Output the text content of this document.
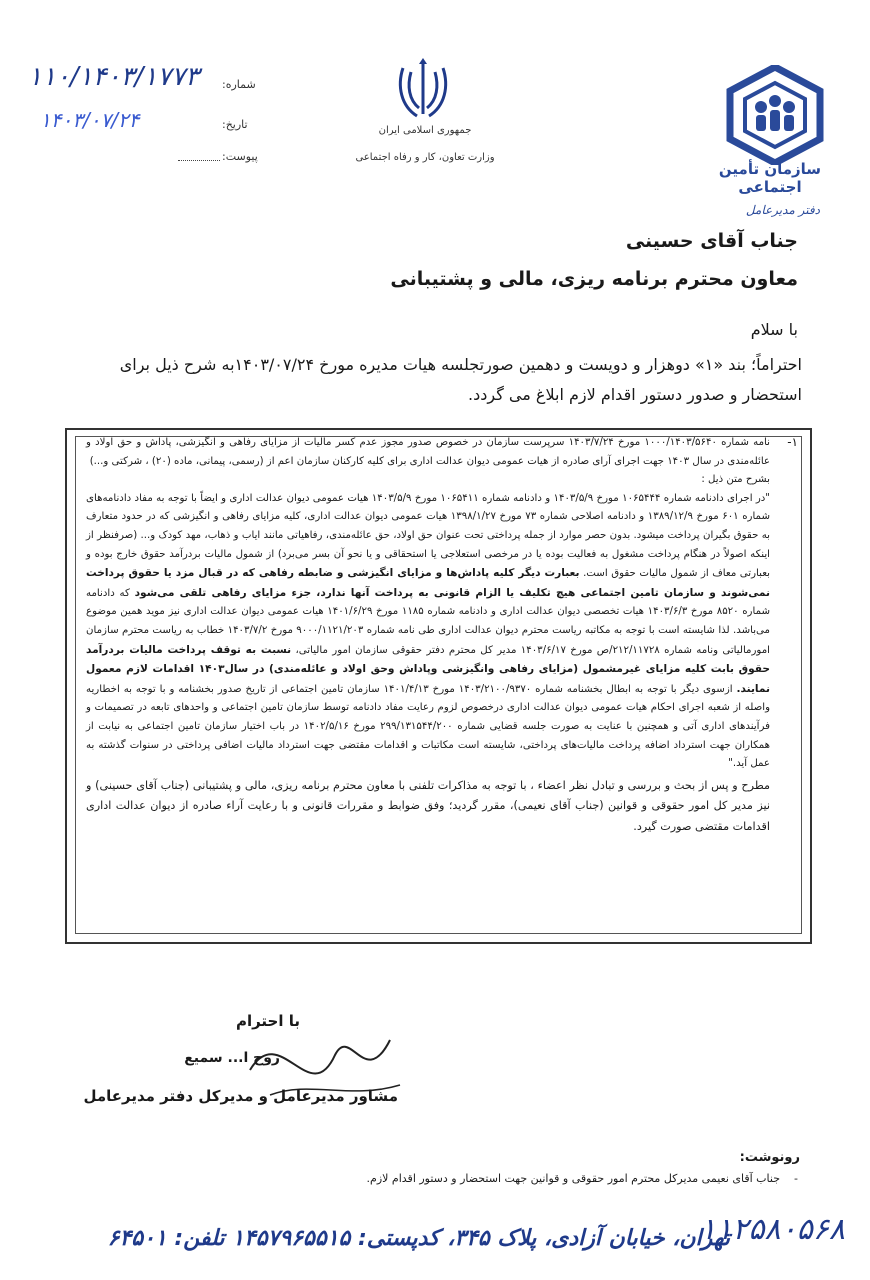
۱۱۰/۱۴۰۳/۱۷۷۳
۱۴۰۳/۰۷/۲۴
شماره:
تاریخ:
پیوست:
جمهوری اسلامی ایران
وزارت تعاون، کار و رفاه اجتماعی
سازمان تأمین اجتماعی
دفتر مدیرعامل
جناب آقای حسینی
معاون محترم برنامه ریزی، مالی و پشتیبانی
با سلام
احتراماً؛ بند «۱» دوهزار و دویست و دهمین صورتجلسه هیات مدیره مورخ ۱۴۰۳/۰۷/۲۴به شرح ذیل برای استحضار و صدور دستور اقدام لازم ابلاغ می گردد.
۱-

نامه شماره ۱۰۰۰/۱۴۰۳/۵۶۴۰ مورخ ۱۴۰۳/۷/۲۴ سرپرست سازمان در خصوص صدور مجوز عدم کسر مالیات از مزایای رفاهی و انگیزشی، پاداش و حق اولاد و عائله‌مندی در سال ۱۴۰۳ جهت اجرای آرای صادره از هیات عمومی دیوان عدالت اداری برای کلیه کارکنان سازمان اعم از (رسمی، پیمانی، ماده (۲۰) ، شرکتی و...)

بشرح متن ذیل :

"در اجرای دادنامه شماره ۱۰۶۵۴۴۴ مورخ ۱۴۰۳/۵/۹ و دادنامه شماره ۱۰۶۵۴۱۱ مورخ ۱۴۰۳/۵/۹ هیات عمومی دیوان عدالت اداری و ایضاً با توجه به مفاد دادنامه‌های شماره ۶۰۱ مورخ ۱۳۸۹/۱۲/۹ و دادنامه اصلاحی شماره ۷۳ مورخ ۱۳۹۸/۱/۲۷ هیات عمومی دیوان عدالت اداری، کلیه مزایای رفاهی و انگیزشی که در حدود متعارف به حقوق بگیران پرداخت میشود. بدون حصر موارد از جمله پرداختی تحت عنوان حق اولاد، حق عائله‌مندی، رفاهیاتی مانند ایاب و ذهاب، مهد کودک و... (صرفنظر از اینکه اصولاً در هنگام پرداخت مشغول به فعالیت بوده یا در مرخصی استعلاجی یا استحقاقی و یا نحو آن بسر می‌برد) از شمول مالیات بردرآمد حقوق خارج بوده و بعبارتی معاف از شمول مالیات حقوق است. بعبارت دیگر کلیه پاداش‌ها و مزایای انگیزشی و ضابطه رفاهی که در قبال مزد یا حقوق پرداخت نمی‌شوند و سازمان تامین اجتماعی هیچ تکلیف یا الزام قانونی به پرداخت آنها ندارد، جزء مزایای رفاهی تلقی می‌شود که دادنامه شماره ۸۵۲۰ مورخ ۱۴۰۳/۶/۳ هیات تخصصی دیوان عدالت اداری و دادنامه شماره ۱۱۸۵ مورخ ۱۴۰۱/۶/۲۹ هیات عمومی دیوان عدالت اداری نیز موید همین موضوع می‌باشد. لذا شایسته است با توجه به مکاتبه ریاست محترم دیوان عدالت اداری طی نامه شماره ۹۰۰۰/۱۱۲۱/۲۰۳ مورخ ۱۴۰۳/۷/۲ خطاب به ریاست محترم سازمان امورمالیاتی ونامه شماره ۲۱۲/۱۱۷۲۸/ص مورخ ۱۴۰۳/۶/۱۷ مدیر کل محترم دفتر حقوقی سازمان امور مالیاتی، نسبت به توقف پرداخت مالیات بردرآمد حقوق بابت کلیه مزایای غیرمشمول (مزایای رفاهی وانگیزشی وپاداش وحق اولاد و عائله‌مندی) در سال۱۴۰۳ اقدامات لازم معمول نمایند. ازسوی دیگر با توجه به ابطال بخشنامه شماره ۱۴۰۳/۲۱۰۰/۹۳۷۰ مورخ ۱۴۰۱/۴/۱۳ سازمان تامین اجتماعی از تاریخ صدور بخشنامه و با توجه به اخطاریه واصله از شعبه اجرای احکام هیات عمومی دیوان عدالت اداری درخصوص لزوم رعایت مفاد دادنامه توسط سازمان تامین اجتماعی و واحدهای تابعه در تصمیمات و فرآیندهای اداری آتی و همچنین با عنایت به صورت جلسه قضایی شماره ۲۹۹/۱۳۱۵۴۴/۲۰۰ مورخ ۱۴۰۲/۵/۱۶ در باب اختیار سازمان تامین اجتماعی به نیابت از همکاران جهت استرداد اضافه پرداخت مالیات‌های پرداختی، شایسته است مکاتبات و اقدامات مقتضی جهت استرداد مالیات اضافی پرداختی در سنوات گذشته به عمل آید."

مطرح و پس از بحث و بررسی و تبادل نظر اعضاء ، با توجه به مذاکرات تلفنی با معاون محترم برنامه ریزی، مالی و پشتیبانی (جناب آقای حسینی) و نیز مدیر کل امور حقوقی و قوانین (جناب آقای نعیمی)، مقرر گردید؛ وفق ضوابط و مقررات قانونی و با رعایت آراء صادره از دیوان عدالت اداری اقدامات مقتضی صورت گیرد.

با احترام
روح ا... سمیع
مشاور مدیرعامل و مدیرکل دفتر مدیرعامل
رونوشت:
-
جناب آقای نعیمی مدیرکل محترم امور حقوقی و قوانین جهت استحضار و دستور اقدام لازم.
تهران، خیابان آزادی، پلاک ۳۴۵، کدپستی: ۱۴۵۷۹۶۵۵۱۵ تلفن: ۶۴۵۰۱
۱۱۲۵۸۰۵۶۸
